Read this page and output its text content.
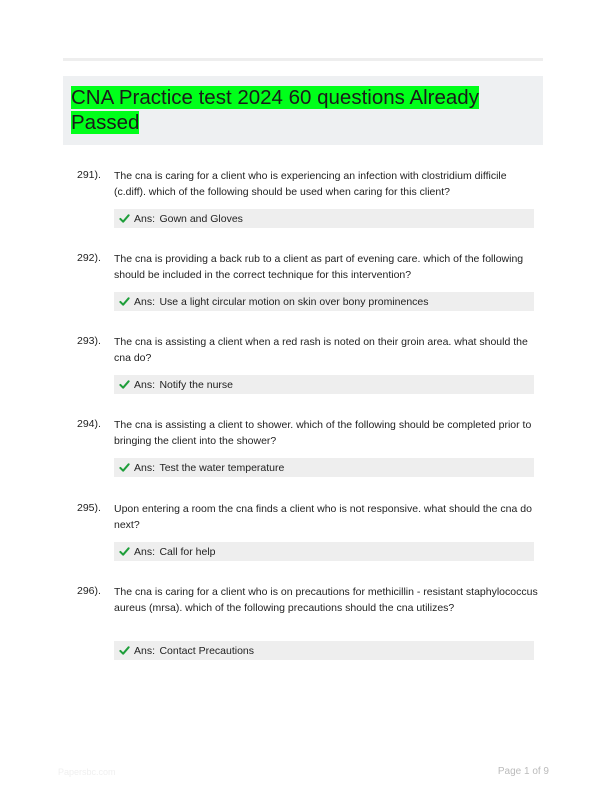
CNA Practice test 2024 60 questions Already Passed
291). The cna is caring for a client who is experiencing an infection with clostridium difficile (c.diff). which of the following should be used when caring for this client?
Ans:
Gown and Gloves
292). The cna is providing a back rub to a client as part of evening care. which of the following should be included in the correct technique for this intervention?
Ans:
Use a light circular motion on skin over bony prominences
293). The cna is assisting a client when a red rash is noted on their groin area. what should the cna do?
Ans:
Notify the nurse
294). The cna is assisting a client to shower. which of the following should be completed prior to bringing the client into the shower?
Ans:
Test the water temperature
295). Upon entering a room the cna finds a client who is not responsive. what should the cna do next?
Ans:
Call for help
296). The cna is caring for a client who is on precautions for methicillin - resistant staphylococcus aureus (mrsa). which of the following precautions should the cna utilizes?
Ans:
Contact Precautions
Papersbc.com	Page 1 of 9
